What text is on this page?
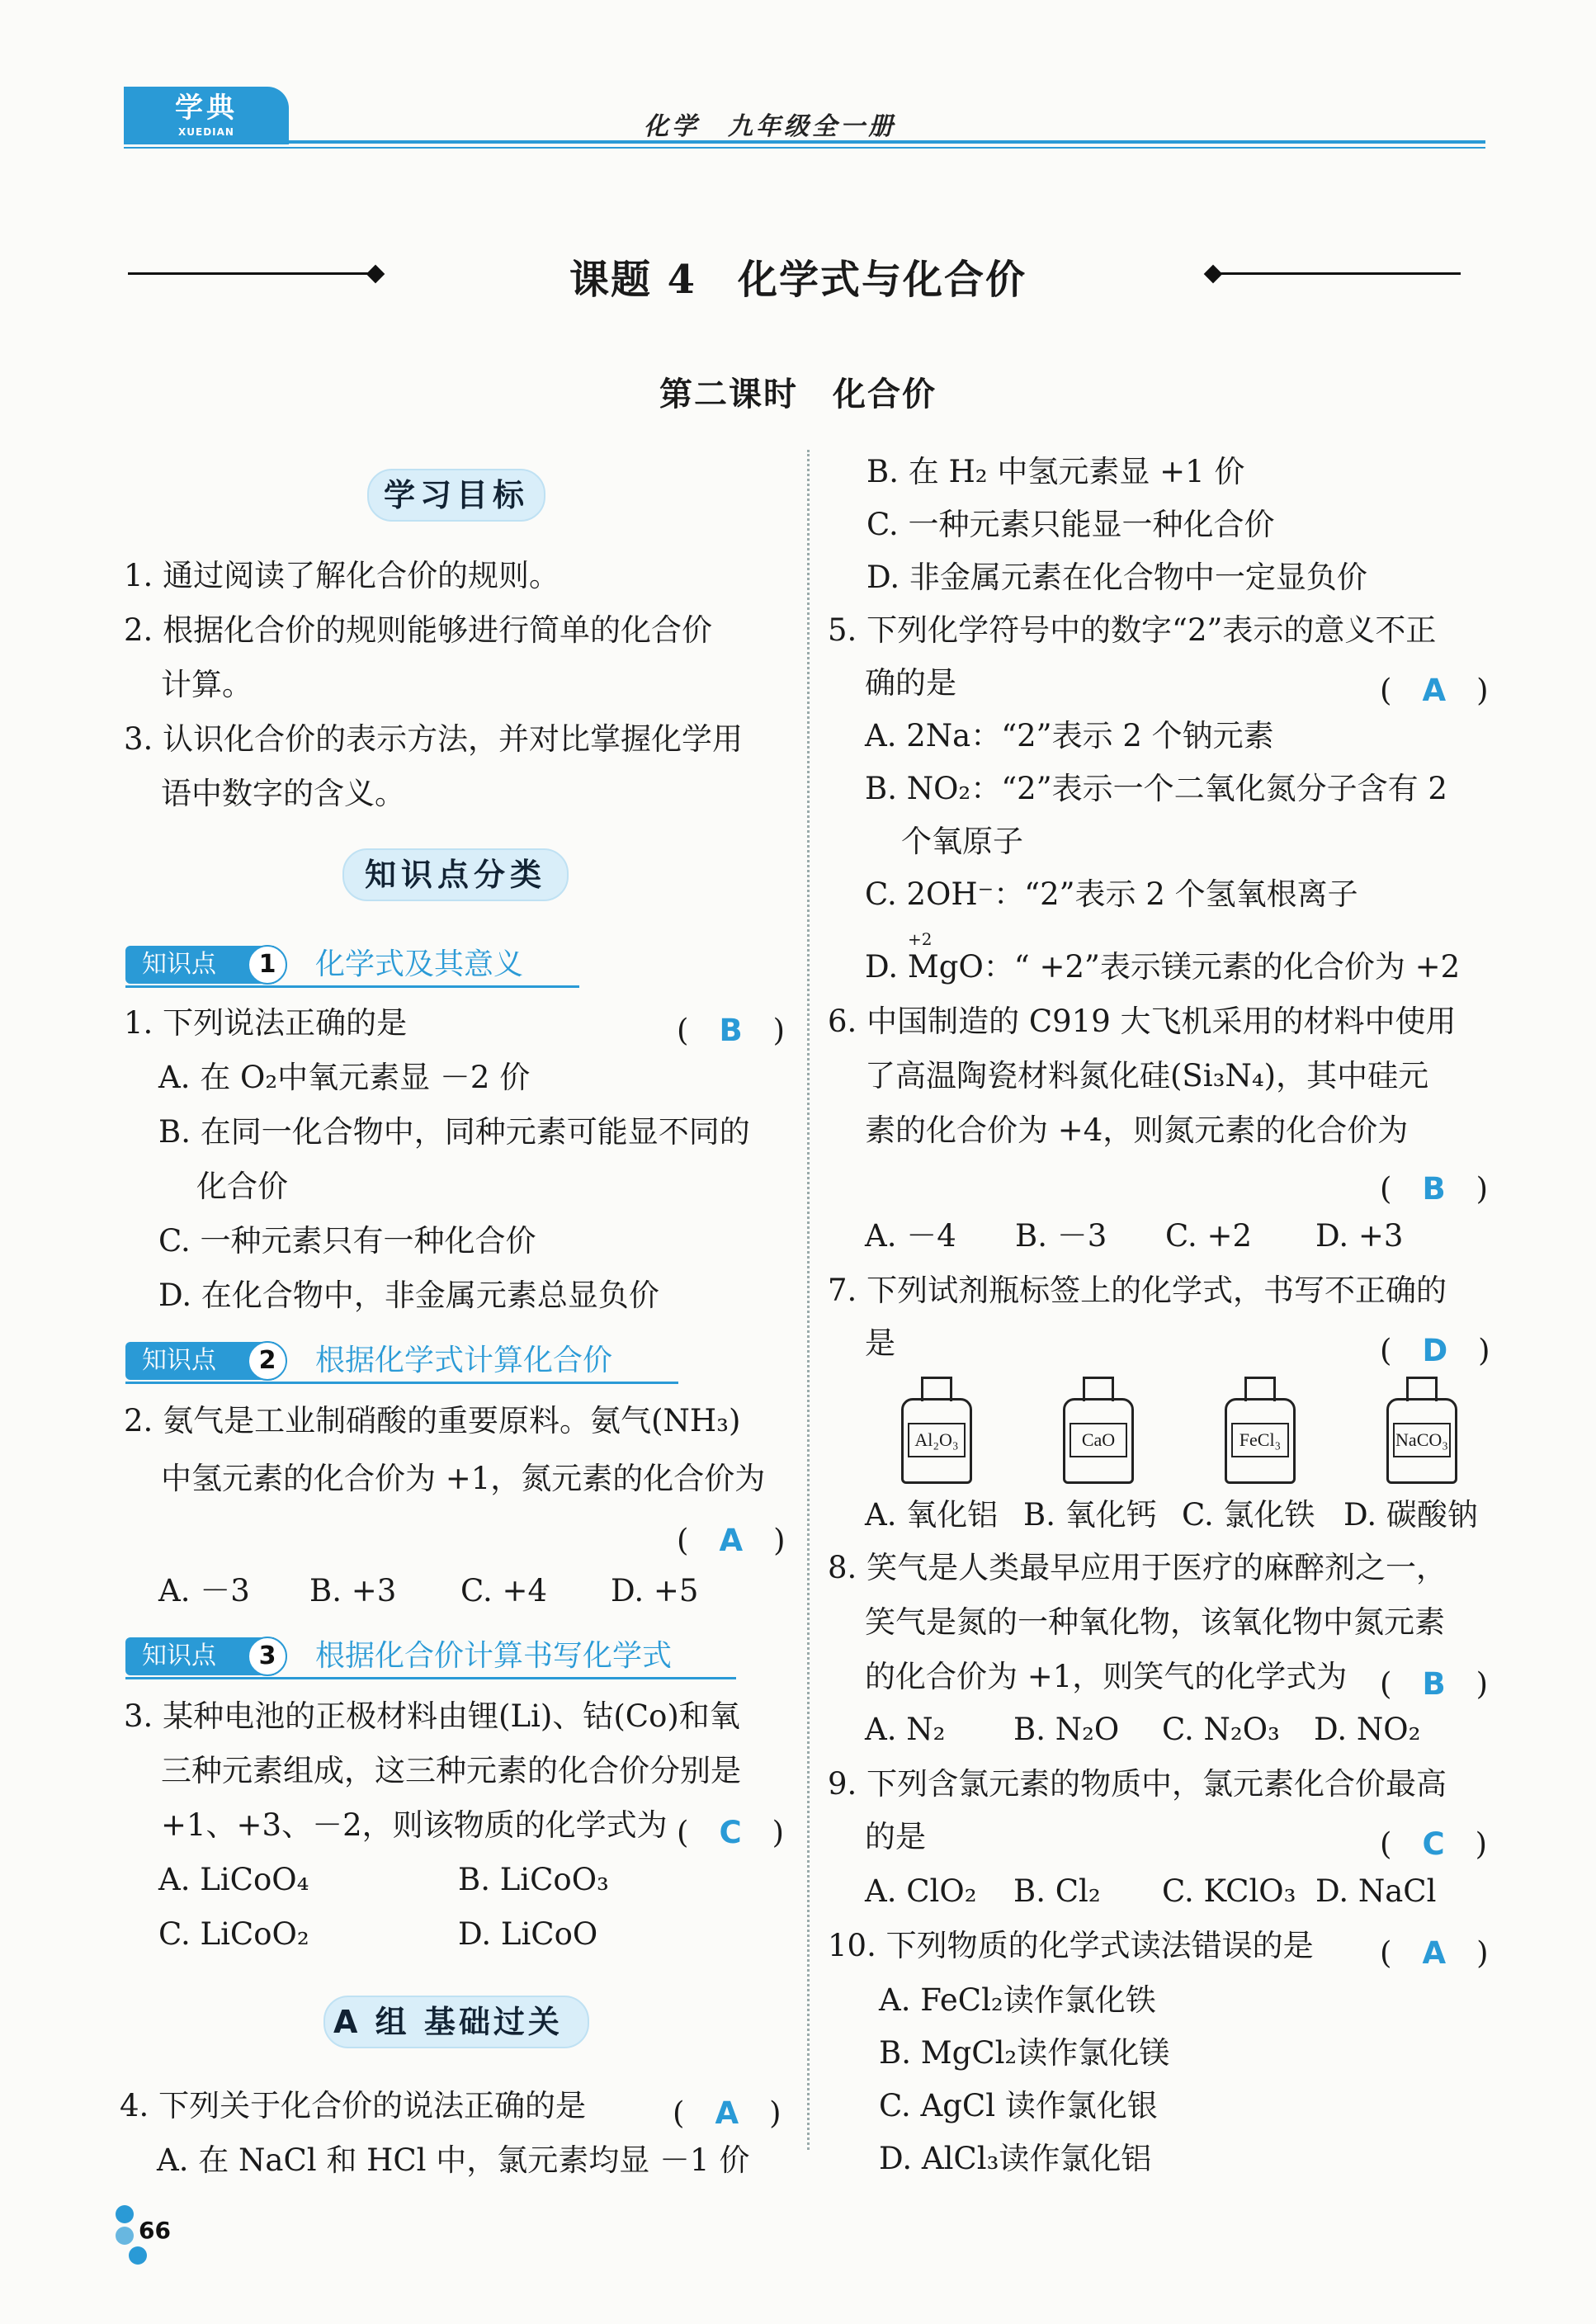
学典
XUEDIAN	化学　九年级全一册
课题 4　化学式与化合价
第二课时　化合价
学习目标
1. 通过阅读了解化合价的规则。
2. 根据化合价的规则能够进行简单的化合价
计算。
3. 认识化合价的表示方法，并对比掌握化学用
语中数字的含义。
知识点分类
知识点	1	化学式及其意义
1. 下列说法正确的是	(　B　)
A. 在 O₂中氧元素显 －2 价
B. 在同一化合物中，同种元素可能显不同的
化合价
C. 一种元素只有一种化合价
D. 在化合物中，非金属元素总显负价
知识点	2	根据化学式计算化合价
2. 氨气是工业制硝酸的重要原料。氨气(NH₃)
中氢元素的化合价为 +1，氮元素的化合价为
(　A　)
A. －3 B. +3 C. +4 D. +5
知识点	3	根据化合价计算书写化学式
3. 某种电池的正极材料由锂(Li)、钴(Co)和氧
三种元素组成，这三种元素的化合价分别是
+1、+3、－2，则该物质的化学式为 (　C　)
A. LiCoO₄	B. LiCoO₃
C. LiCoO₂	D. LiCoO
A 组 基础过关
4. 下列关于化合价的说法正确的是	(　A　)
A. 在 NaCl 和 HCl 中，氯元素均显 －1 价
B. 在 H₂ 中氢元素显 +1 价
C. 一种元素只能显一种化合价
D. 非金属元素在化合物中一定显负价
5. 下列化学符号中的数字“2”表示的意义不正
确的是	(　A　)
A. 2Na：“2”表示 2 个钠元素
B. NO₂：“2”表示一个二氧化氮分子含有 2
个氧原子
C. 2OH⁻：“2”表示 2 个氢氧根离子
+2
D. MgO：“ +2”表示镁元素的化合价为 +2
6. 中国制造的 C919 大飞机采用的材料中使用
了高温陶瓷材料氮化硅(Si₃N₄)，其中硅元
素的化合价为 +4，则氮元素的化合价为
(　B　)
A. －4 B. －3 C. +2 D. +3
7. 下列试剂瓶标签上的化学式，书写不正确的
是	(　D　)
Al₂O₃	CaO	FeCl₃	NaCO₃
A. 氧化铝 B. 氧化钙 C. 氯化铁 D. 碳酸钠
8. 笑气是人类最早应用于医疗的麻醉剂之一，
笑气是氮的一种氧化物，该氧化物中氮元素
的化合价为 +1，则笑气的化学式为 (　B　)
A. N₂ B. N₂O C. N₂O₃ D. NO₂
9. 下列含氯元素的物质中，氯元素化合价最高
的是	(　C　)
A. ClO₂ B. Cl₂ C. KClO₃ D. NaCl
10. 下列物质的化学式读法错误的是 (　A　)
A. FeCl₂读作氯化铁
B. MgCl₂读作氯化镁
C. AgCl 读作氯化银
D. AlCl₃读作氯化铝
66
